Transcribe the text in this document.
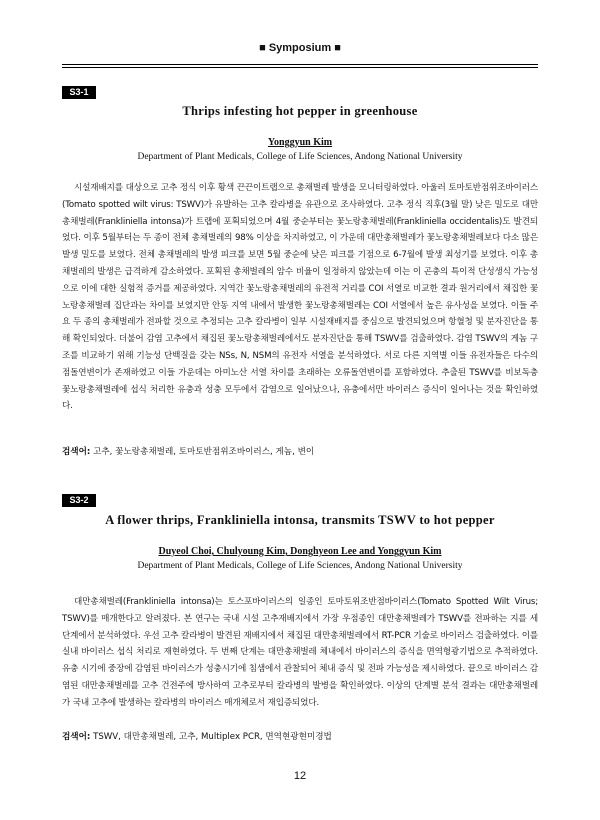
■ Symposium ■
S3-1
Thrips infesting hot pepper in greenhouse
Yonggyun Kim
Department of Plant Medicals, College of Life Sciences, Andong National University
시설재배지를 대상으로 고추 정식 이후 황색 끈끈이트랩으로 총채벌레 발생을 모니터링하였다. 아울러 토마토반점위조바이러스(Tomato spotted wilt virus: TSWV)가 유발하는 고추 칼라병을 유관으로 조사하였다. 고추 정식 직후(3월 말) 낮은 밀도로 대만총채벌레(Frankliniella intonsa)가 트랩에 포획되었으며 4월 중순부터는 꽃노랑총채벌레(Frankliniella occidentalis)도 발견되었다. 이후 5월부터는 두 종이 전체 총채벌레의 98% 이상을 차지하였고, 이 가운데 대만총채벌레가 꽃노랑총채벌레보다 다소 많은 발생 밀도를 보였다. 전체 총채벌레의 발생 피크를 보면 5월 중순에 낮은 피크를 기점으로 6-7월에 발생 최성기를 보였다. 이후 총채벌레의 발생은 급격하게 감소하였다. 포획된 총채벌레의 암수 비율이 일정하지 않았는데 이는 이 곤충의 특이적 단성생식 가능성으로 이에 대한 실험적 증거를 제공하였다. 지역간 꽃노랑총채벌레의 유전적 거리를 COI 서열로 비교한 결과 원거리에서 채집한 꽃노랑총채벌레 집단과는 차이를 보였지만 안동 지역 내에서 발생한 꽃노랑총채벌레는 COI 서열에서 높은 유사성을 보였다. 이들 주요 두 종의 총채벌레가 전파할 것으로 추정되는 고추 칼라병이 일부 시설재배지를 중심으로 발견되었으며 항혈청 및 분자진단을 통해 확인되었다. 더불어 감염 고추에서 채집된 꽃노랑총채벌레에서도 분자진단을 통해 TSWV를 검출하였다. 감염 TSWV의 게놈 구조를 비교하기 위해 기능성 단백질을 갖는 NSs, N, NSM의 유전자 서열을 분석하였다. 서로 다른 지역별 이들 유전자들은 다수의 점돌연변이가 존재하였고 이들 가운데는 아미노산 서열 차이를 초래하는 오류돌연변이를 포함하였다. 추출된 TSWV를 비보독충 꽃노랑총채벌레에 섭식 처리한 유충과 성충 모두에서 감염으로 일어났으나, 유충에서만 바이러스 증식이 일어나는 것을 확인하였다.
검색어: 고추, 꽃노랑총채벌레, 토마토반점위조바이러스, 게놈, 변이
S3-2
A flower thrips, Frankliniella intonsa, transmits TSWV to hot pepper
Duyeol Choi, Chulyoung Kim, Donghyeon Lee and Yonggyun Kim
Department of Plant Medicals, College of Life Sciences, Andong National University
대만총채벌레(Frankliniella intonsa)는 토스포바이러스의 일종인 토마토위조반점바이러스(Tomato Spotted Wilt Virus; TSWV)를 매개한다고 알려졌다. 본 연구는 국내 시설 고추재배지에서 가장 우점종인 대만총채벌레가 TSWV를 전파하는 지를 세 단계에서 분석하였다. 우선 고추 칼라병이 발견된 재배지에서 채집된 대만총채벌레에서 RT-PCR 기술로 바이러스 검출하였다. 이를 실내 바이러스 섭식 처리로 재현하였다. 두 번째 단계는 대만총채벌레 체내에서 바이러스의 증식을 면역형광기법으로 추적하였다. 유충 시기에 중장에 감염된 바이러스가 성충시기에 침샘에서 관찰되어 체내 증식 및 전파 가능성을 제시하였다. 끝으로 바이러스 감염된 대만총채벌레를 고추 건전주에 방사하여 고추로부터 칼라병의 발병을 확인하였다. 이상의 단계별 분석 결과는 대만총채벌레가 국내 고추에 발생하는 칼라병의 바이러스 매개체로서 재입증되었다.
검색어: TSWV, 대만총채벌레, 고추, Multiplex PCR, 면역현광현미경법
12
